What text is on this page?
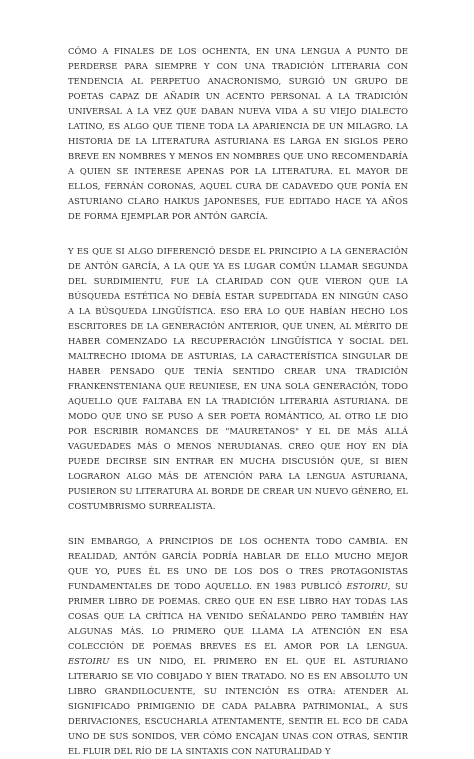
CÓMO A FINALES DE LOS OCHENTA, EN UNA LENGUA A PUNTO DE PERDERSE PARA SIEMPRE Y CON UNA TRADICIÓN LITERARIA CON TENDENCIA AL PERPETUO ANACRONISMO, SURGIÓ UN GRUPO DE POETAS CAPAZ DE AÑADIR UN ACENTO PERSONAL A LA TRADICIÓN UNIVERSAL A LA VEZ QUE DABAN NUEVA VIDA A SU VIEJO DIALECTO LATINO, ES ALGO QUE TIENE TODA LA APARIENCIA DE UN MILAGRO. LA HISTORIA DE LA LITERATURA ASTURIANA ES LARGA EN SIGLOS PERO BREVE EN NOMBRES Y MENOS EN NOMBRES QUE UNO RECOMENDARÍA A QUIEN SE INTERESE APENAS POR LA LITERATURA. EL MAYOR DE ELLOS, FERNÁN CORONAS, AQUEL CURA DE CADAVEDO QUE PONÍA EN ASTURIANO CLARO HAIKUS JAPONESES, FUE EDITADO HACE YA AÑOS DE FORMA EJEMPLAR POR ANTÓN GARCÍA.

Y ES QUE SI ALGO DIFERENCIÓ DESDE EL PRINCIPIO A LA GENERACIÓN DE ANTÓN GARCÍA, A LA QUE YA ES LUGAR COMÚN LLAMAR SEGUNDA DEL SURDIMIENTU, FUE LA CLARIDAD CON QUE VIERON QUE LA BÚSQUEDA ESTÉTICA NO DEBÍA ESTAR SUPEDITADA EN NINGÚN CASO A LA BÚSQUEDA LINGÜÍSTICA. ESO ERA LO QUE HABÍAN HECHO LOS ESCRITORES DE LA GENERACIÓN ANTERIOR, QUE UNEN, AL MÉRITO DE HABER COMENZADO LA RECUPERACIÓN LINGÜÍSTICA Y SOCIAL DEL MALTRECHO IDIOMA DE ASTURIAS, LA CARACTERÍSTICA SINGULAR DE HABER PENSADO QUE TENÍA SENTIDO CREAR UNA TRADICIÓN FRANKENSTENIANA QUE REUNIESE, EN UNA SOLA GENERACIÓN, TODO AQUELLO QUE FALTABA EN LA TRADICIÓN LITERARIA ASTURIANA. DE MODO QUE UNO SE PUSO A SER POETA ROMÁNTICO, AL OTRO LE DIO POR ESCRIBIR ROMANCES DE "MAURETANOS" Y EL DE MÁS ALLÁ VAGUEDADES MÁS O MENOS NERUDIANAS. CREO QUE HOY EN DÍA PUEDE DECIRSE SIN ENTRAR EN MUCHA DISCUSIÓN QUE, SI BIEN LOGRARON ALGO MÁS DE ATENCIÓN PARA LA LENGUA ASTURIANA, PUSIERON SU LITERATURA AL BORDE DE CREAR UN NUEVO GÉNERO, EL COSTUMBRISMO SURREALISTA.

SIN EMBARGO, A PRINCIPIOS DE LOS OCHENTA TODO CAMBIA. EN REALIDAD, ANTÓN GARCÍA PODRÍA HABLAR DE ELLO MUCHO MEJOR QUE YO, PUES ÉL ES UNO DE LOS DOS O TRES PROTAGONISTAS FUNDAMENTALES DE TODO AQUELLO. EN 1983 PUBLICÓ ESTOIRU, SU PRIMER LIBRO DE POEMAS. CREO QUE EN ESE LIBRO HAY TODAS LAS COSAS QUE LA CRÍTICA HA VENIDO SEÑALANDO PERO TAMBIÉN HAY ALGUNAS MÁS. LO PRIMERO QUE LLAMA LA ATENCIÓN EN ESA COLECCIÓN DE POEMAS BREVES ES EL AMOR POR LA LENGUA. ESTOIRU ES UN NIDO, EL PRIMERO EN EL QUE EL ASTURIANO LITERARIO SE VIO COBIJADO Y BIEN TRATADO. NO ES EN ABSOLUTO UN LIBRO GRANDILOCUENTE, SU INTENCIÓN ES OTRA: ATENDER AL SIGNIFICADO PRIMIGENIO DE CADA PALABRA PATRIMONIAL, A SUS DERIVACIONES, ESCUCHARLA ATENTAMENTE, SENTIR EL ECO DE CADA UNO DE SUS SONIDOS, VER CÓMO ENCAJAN UNAS CON OTRAS, SENTIR EL FLUIR DEL RÍO DE LA SINTAXIS CON NATURALIDAD Y
